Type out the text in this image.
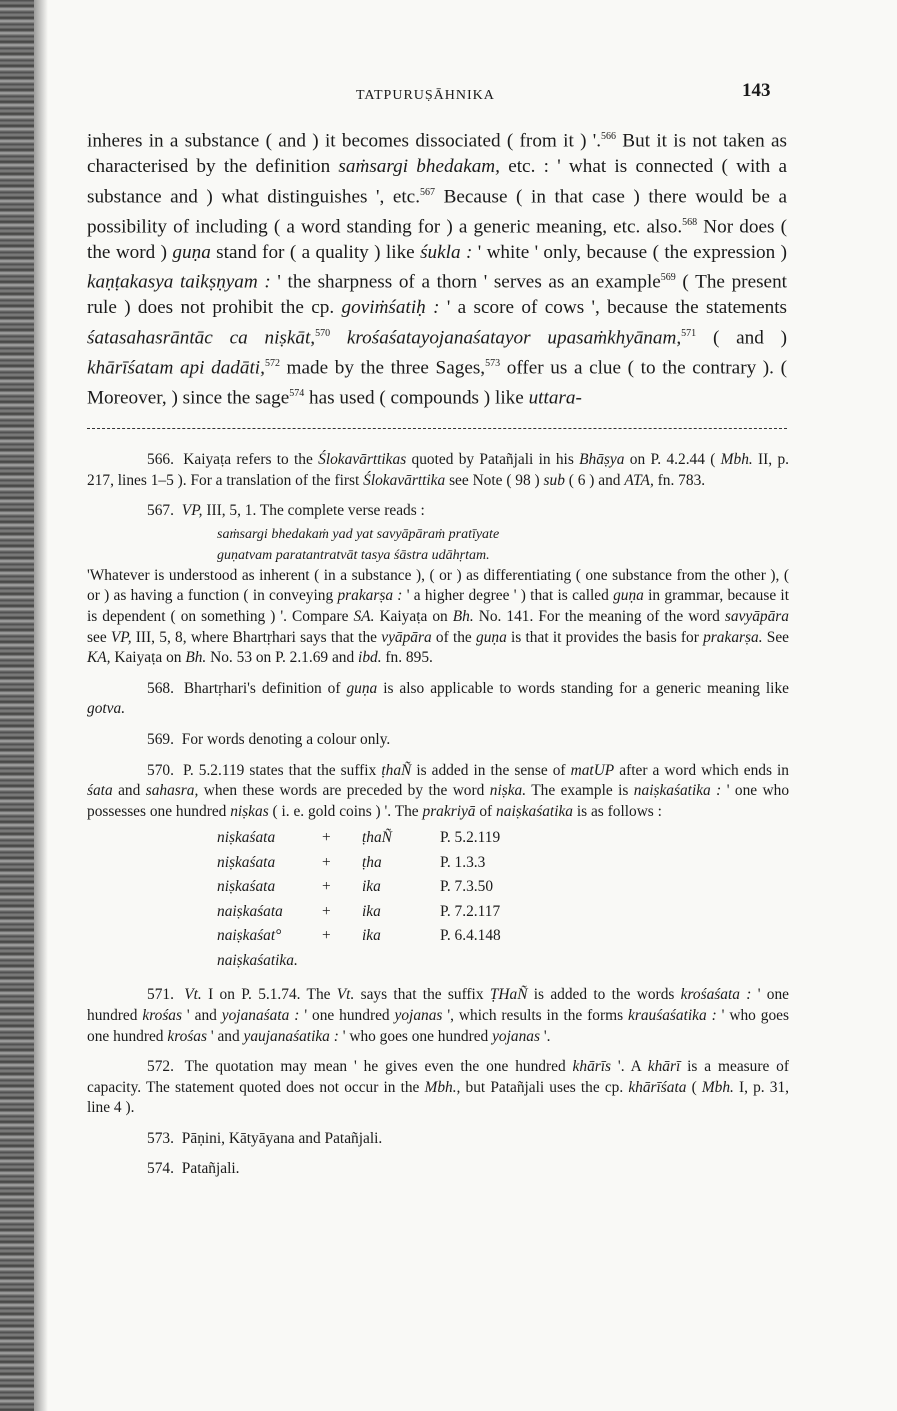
TATPURUṢĀHNIKA	143
inheres in a substance ( and ) it becomes dissociated ( from it ) '.$^{566}$ But it is not taken as characterised by the definition saṁsargi bhedakam, etc. : ' what is connected ( with a substance and ) what distinguishes ', etc.$^{567}$ Because ( in that case ) there would be a possibility of including ( a word standing for ) a generic meaning, etc. also.$^{568}$ Nor does ( the word ) guṇa stand for ( a quality ) like śukla : ' white ' only, because ( the expression ) kaṇṭakasya taikṣṇyam : ' the sharpness of a thorn ' serves as an example$^{569}$ ( The present rule ) does not prohibit the cp. goviṁśatiḥ : ' a score of cows ', because the statements śatasahasrāntāc ca niṣkāt,$^{570}$ krośaśatayojanaśatayor upasaṁkhyānam,$^{571}$ ( and ) khārīśatam api dadāti,$^{572}$ made by the three Sages,$^{573}$ offer us a clue ( to the contrary ). ( Moreover, ) since the sage$^{574}$ has used ( compounds ) like uttara-

566. Kaiyaṭa refers to the Ślokavārttikas quoted by Patañjali in his Bhāṣya on P. 4.2.44 ( Mbh. II, p. 217, lines 1–5 ). For a translation of the first Ślokavārttika see Note ( 98 ) sub ( 6 ) and ATA, fn. 783.

567. VP, III, 5, 1. The complete verse reads :

saṁsargi bhedakaṁ yad yat savyāpāraṁ pratīyate

guṇatvam paratantratvāt tasya śāstra udāhṛtam.

'Whatever is understood as inherent ( in a substance ), ( or ) as differentiating ( one substance from the other ), ( or ) as having a function ( in conveying prakarṣa : ' a higher degree ' ) that is called guṇa in grammar, because it is dependent ( on something ) '. Compare SA. Kaiyaṭa on Bh. No. 141. For the meaning of the word savyāpāra see VP, III, 5, 8, where Bhartṛhari says that the vyāpāra of the guṇa is that it provides the basis for prakarṣa. See KA, Kaiyaṭa on Bh. No. 53 on P. 2.1.69 and ibd. fn. 895.

568. Bhartṛhari's definition of guṇa is also applicable to words standing for a generic meaning like gotva.

569. For words denoting a colour only.

570. P. 5.2.119 states that the suffix ṭhaÑ is added in the sense of matUP after a word which ends in śata and sahasra, when these words are preceded by the word niṣka. The example is naiṣkaśatika : ' one who possesses one hundred niṣkas ( i. e. gold coins ) '. The prakriyā of naiṣkaśatika is as follows :

niṣkaśata	+	ṭhaÑ	P. 5.2.119
niṣkaśata	+	ṭha	P. 1.3.3
niṣkaśata	+	ika	P. 7.3.50
naiṣkaśata	+	ika	P. 7.2.117
naiṣkaśat°	+	ika	P. 6.4.148
naiṣkaśatika.			

571. Vt. I on P. 5.1.74. The Vt. says that the suffix ṬHaÑ is added to the words krośaśata : ' one hundred krośas ' and yojanaśata : ' one hundred yojanas ', which results in the forms krauśaśatika : ' who goes one hundred krośas ' and yaujanaśatika : ' who goes one hundred yojanas '.

572. The quotation may mean ' he gives even the one hundred khārīs '. A khārī is a measure of capacity. The statement quoted does not occur in the Mbh., but Patañjali uses the cp. khārīśata ( Mbh. I, p. 31, line 4 ).

573. Pāṇini, Kātyāyana and Patañjali.

574. Patañjali.
